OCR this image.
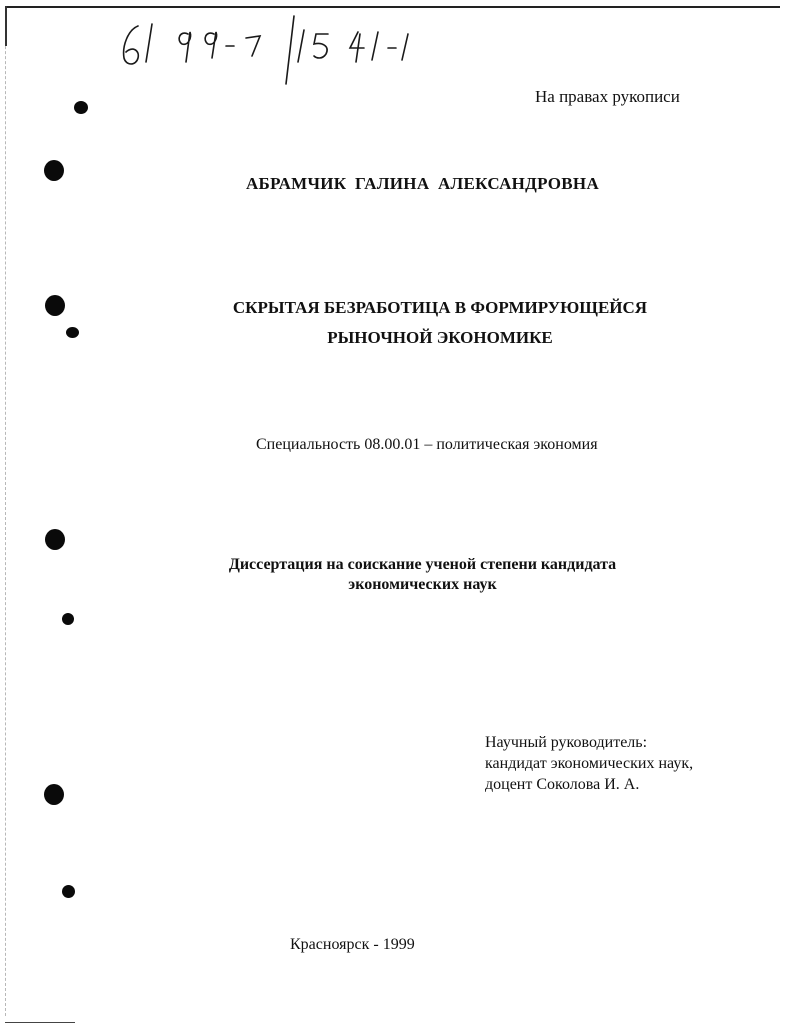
На правах рукописи
АБРАМЧИК ГАЛИНА АЛЕКСАНДРОВНА
СКРЫТАЯ БЕЗРАБОТИЦА В ФОРМИРУЮЩЕЙСЯ
РЫНОЧНОЙ ЭКОНОМИКЕ
Специальность 08.00.01 – политическая экономия
Диссертация на соискание ученой степени кандидата
экономических наук
Научный руководитель:
кандидат экономических наук,
доцент Соколова И. А.
Красноярск - 1999
